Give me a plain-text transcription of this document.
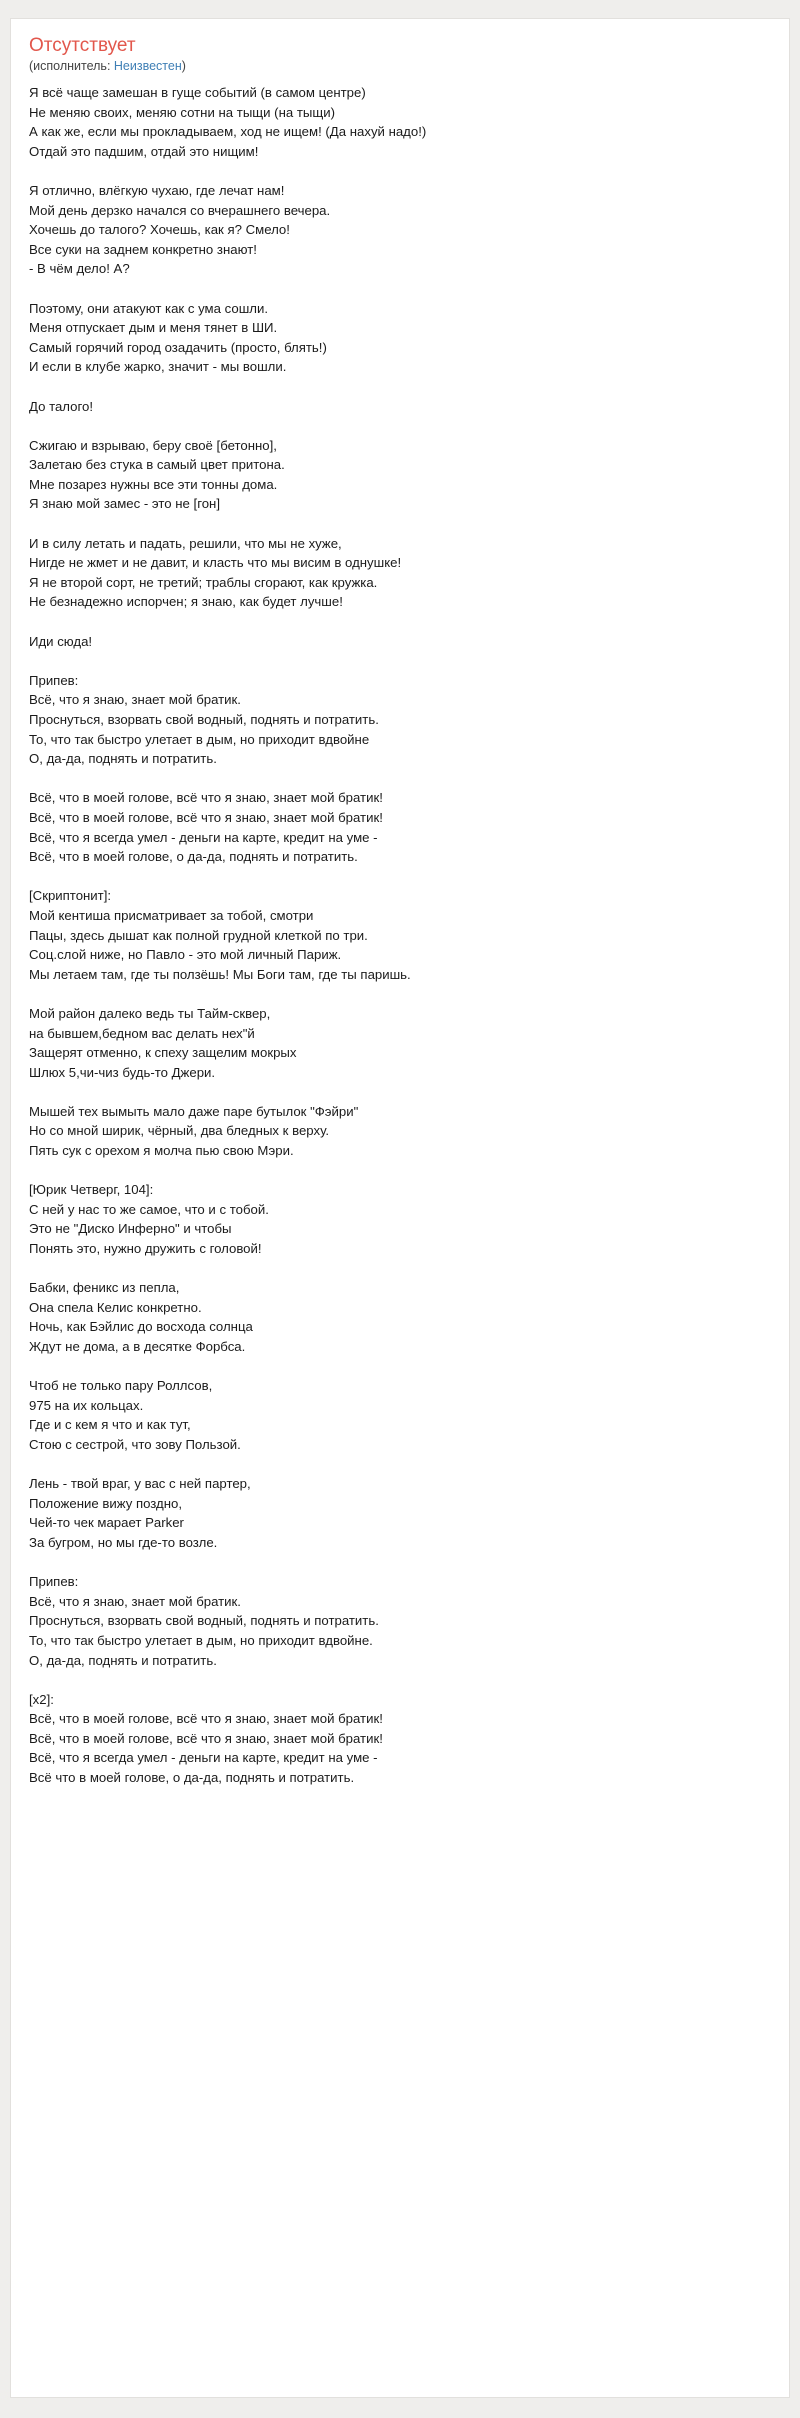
Отсутствует
(исполнитель: Неизвестен)
Я всё чаще замешан в гуще событий (в самом центре)
Не меняю своих, меняю сотни на тыщи (на тыщи)
А как же, если мы прокладываем, ход не ищем! (Да нахуй надо!)
Отдай это падшим, отдай это нищим!

Я отлично, влёгкую чухаю, где лечат нам!
Мой день дерзко начался со вчерашнего вечера.
Хочешь до талого? Хочешь, как я? Смело!
Все суки на заднем конкретно знают!
- В чём дело! А?

Поэтому, они атакуют как с ума сошли.
Меня отпускает дым и меня тянет в ШИ.
Самый горячий город озадачить (просто, блять!)
И если в клубе жарко, значит - мы вошли.

До талого!

Сжигаю и взрываю, беру своё [бетонно],
Залетаю без стука в самый цвет притона.
Мне позарез нужны все эти тонны дома.
Я знаю мой замес - это не [гон]

И в силу летать и падать, решили, что мы не хуже,
Нигде не жмет и не давит, и класть что мы висим в однушке!
Я не второй сорт, не третий; траблы сгорают, как кружка.
Не безнадежно испорчен; я знаю, как будет лучше!

Иди сюда!

Припев:
Всё, что я знаю, знает мой братик.
Проснуться, взорвать свой водный, поднять и потратить.
То, что так быстро улетает в дым, но приходит вдвойне
О, да-да, поднять и потратить.

Всё, что в моей голове, всё что я знаю, знает мой братик!
Всё, что в моей голове, всё что я знаю, знает мой братик!
Всё, что я всегда умел - деньги на карте, кредит на уме -
Всё, что в моей голове, о да-да, поднять и потратить.

[Скриптонит]:
Мой кентиша присматривает за тобой, смотри
Пацы, здесь дышат как полной грудной клеткой по три.
Соц.слой ниже, но Павло - это мой личный Париж.
Мы летаем там, где ты ползёшь! Мы Боги там, где ты паришь.

Мой район далеко ведь ты Тайм-сквер,
на бывшем,бедном вас делать нех"й
Защерят отменно, к спеху защелим мокрых
Шлюх 5,чи-чиз будь-то Джери.

Мышей тех вымыть мало даже паре бутылок "Фэйри"
Но со мной ширик, чёрный, два бледных к верху.
Пять сук с орехом я молча пью свою Мэри.

[Юрик Четверг, 104]:
С ней у нас то же самое, что и с тобой.
Это не "Диско Инферно" и чтобы
Понять это, нужно дружить с головой!

Бабки, феникс из пепла,
Она спела Келис конкретно.
Ночь, как Бэйлис до восхода солнца
Ждут не дома, а в десятке Форбса.

Чтоб не только пару Роллсов,
975 на их кольцах.
Где и с кем я что и как тут,
Стою с сестрой, что зову Пользой.

Лень - твой враг, у вас с ней партер,
Положение вижу поздно,
Чей-то чек марает Parker
За бугром, но мы где-то возле.

Припев:
Всё, что я знаю, знает мой братик.
Проснуться, взорвать свой водный, поднять и потратить.
То, что так быстро улетает в дым, но приходит вдвойне.
О, да-да, поднять и потратить.

[х2]:
Всё, что в моей голове, всё что я знаю, знает мой братик!
Всё, что в моей голове, всё что я знаю, знает мой братик!
Всё, что я всегда умел - деньги на карте, кредит на уме -
Всё что в моей голове, о да-да, поднять и потратить.
